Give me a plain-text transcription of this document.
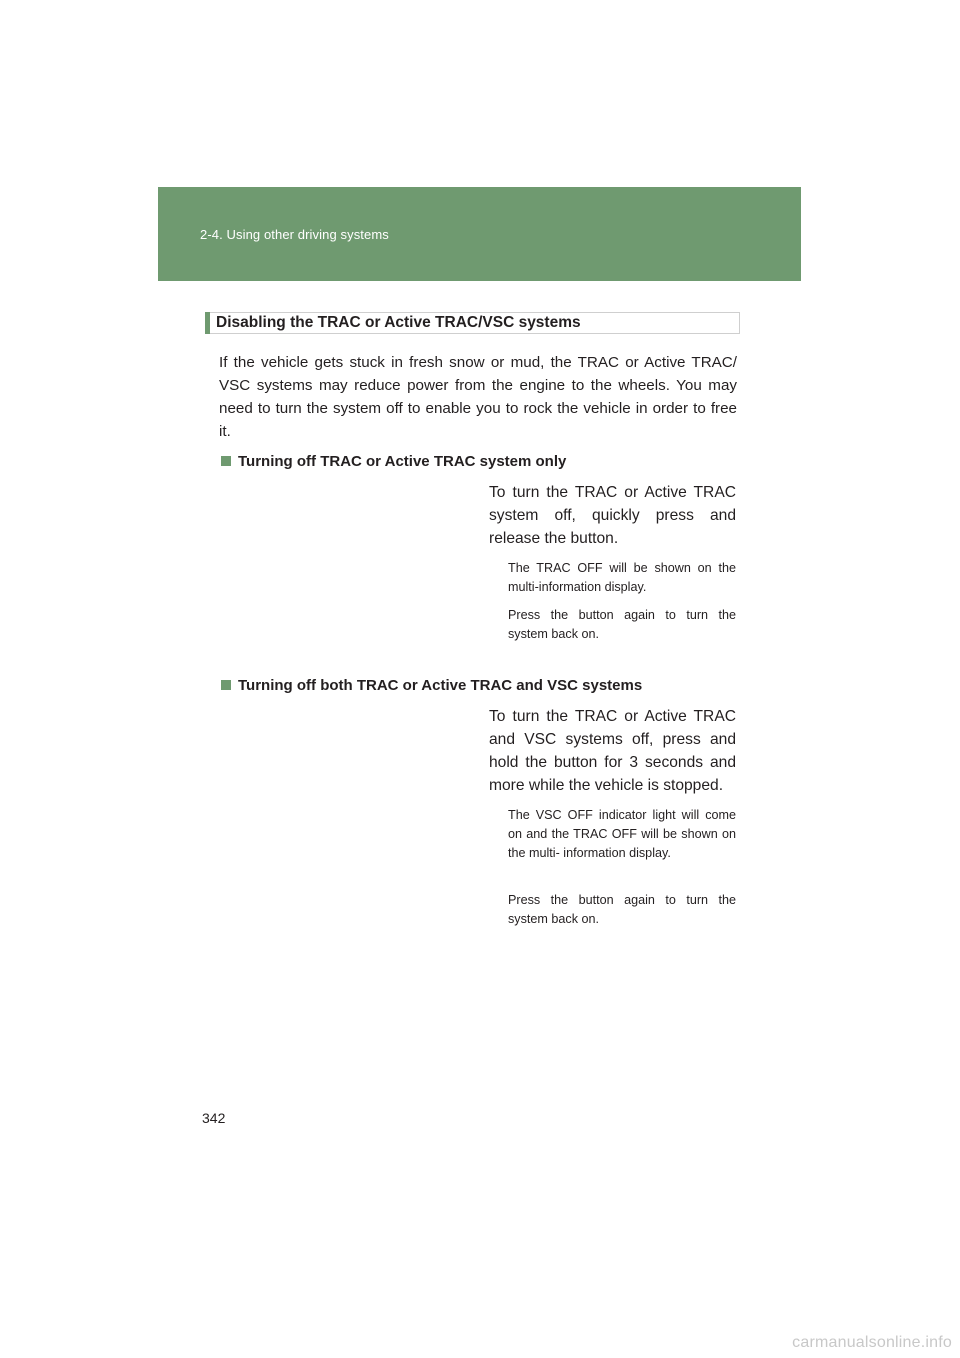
2-4. Using other driving systems
Disabling the TRAC or Active TRAC/VSC systems

If the vehicle gets stuck in fresh snow or mud, the TRAC or Active TRAC/ VSC systems may reduce power from the engine to the wheels. You may need to turn the system off to enable you to rock the vehicle in order to free it.

Turning off TRAC or Active TRAC system only

To turn the TRAC or Active TRAC system off, quickly press and release the button.

The TRAC OFF will be shown on the multi-information display.

Press the button again to turn the system back on.

Turning off both TRAC or Active TRAC and VSC systems

To turn the TRAC or Active TRAC and VSC systems off, press and hold the button for 3 seconds and more while the vehicle is stopped.

The VSC OFF indicator light will come on and the TRAC OFF will be shown on the multi- information display.

Press the button again to turn the system back on.

342
carmanualsonline.info
